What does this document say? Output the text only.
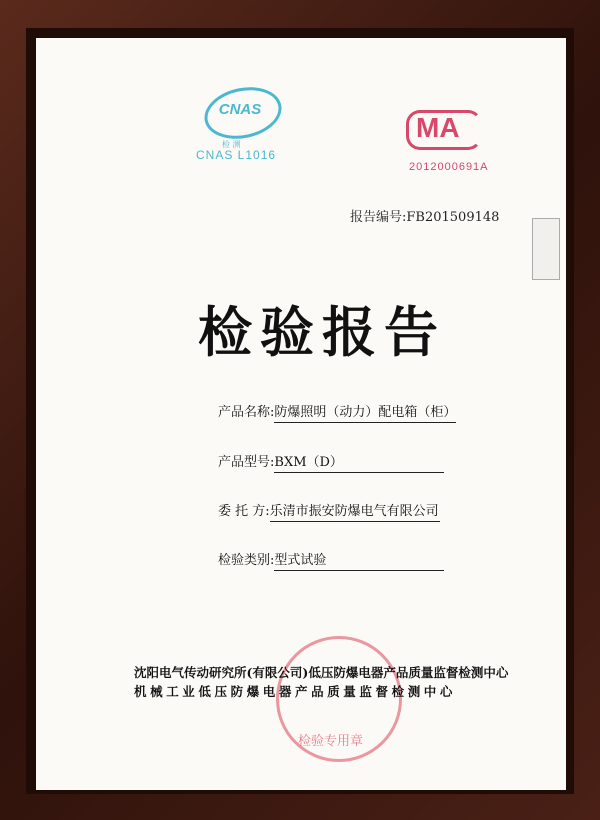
CNAS
检 测
CNAS L1016
MA
2012000691A
报告编号:FB201509148
检验报告
产品名称:防爆照明（动力）配电箱（柜）
产品型号:BXM（D）
委 托 方:乐清市振安防爆电气有限公司
检验类别:型式试验
检验专用章
沈阳电气传动研究所(有限公司)低压防爆电器产品质量监督检测中心
机械工业低压防爆电器产品质量监督检测中心
